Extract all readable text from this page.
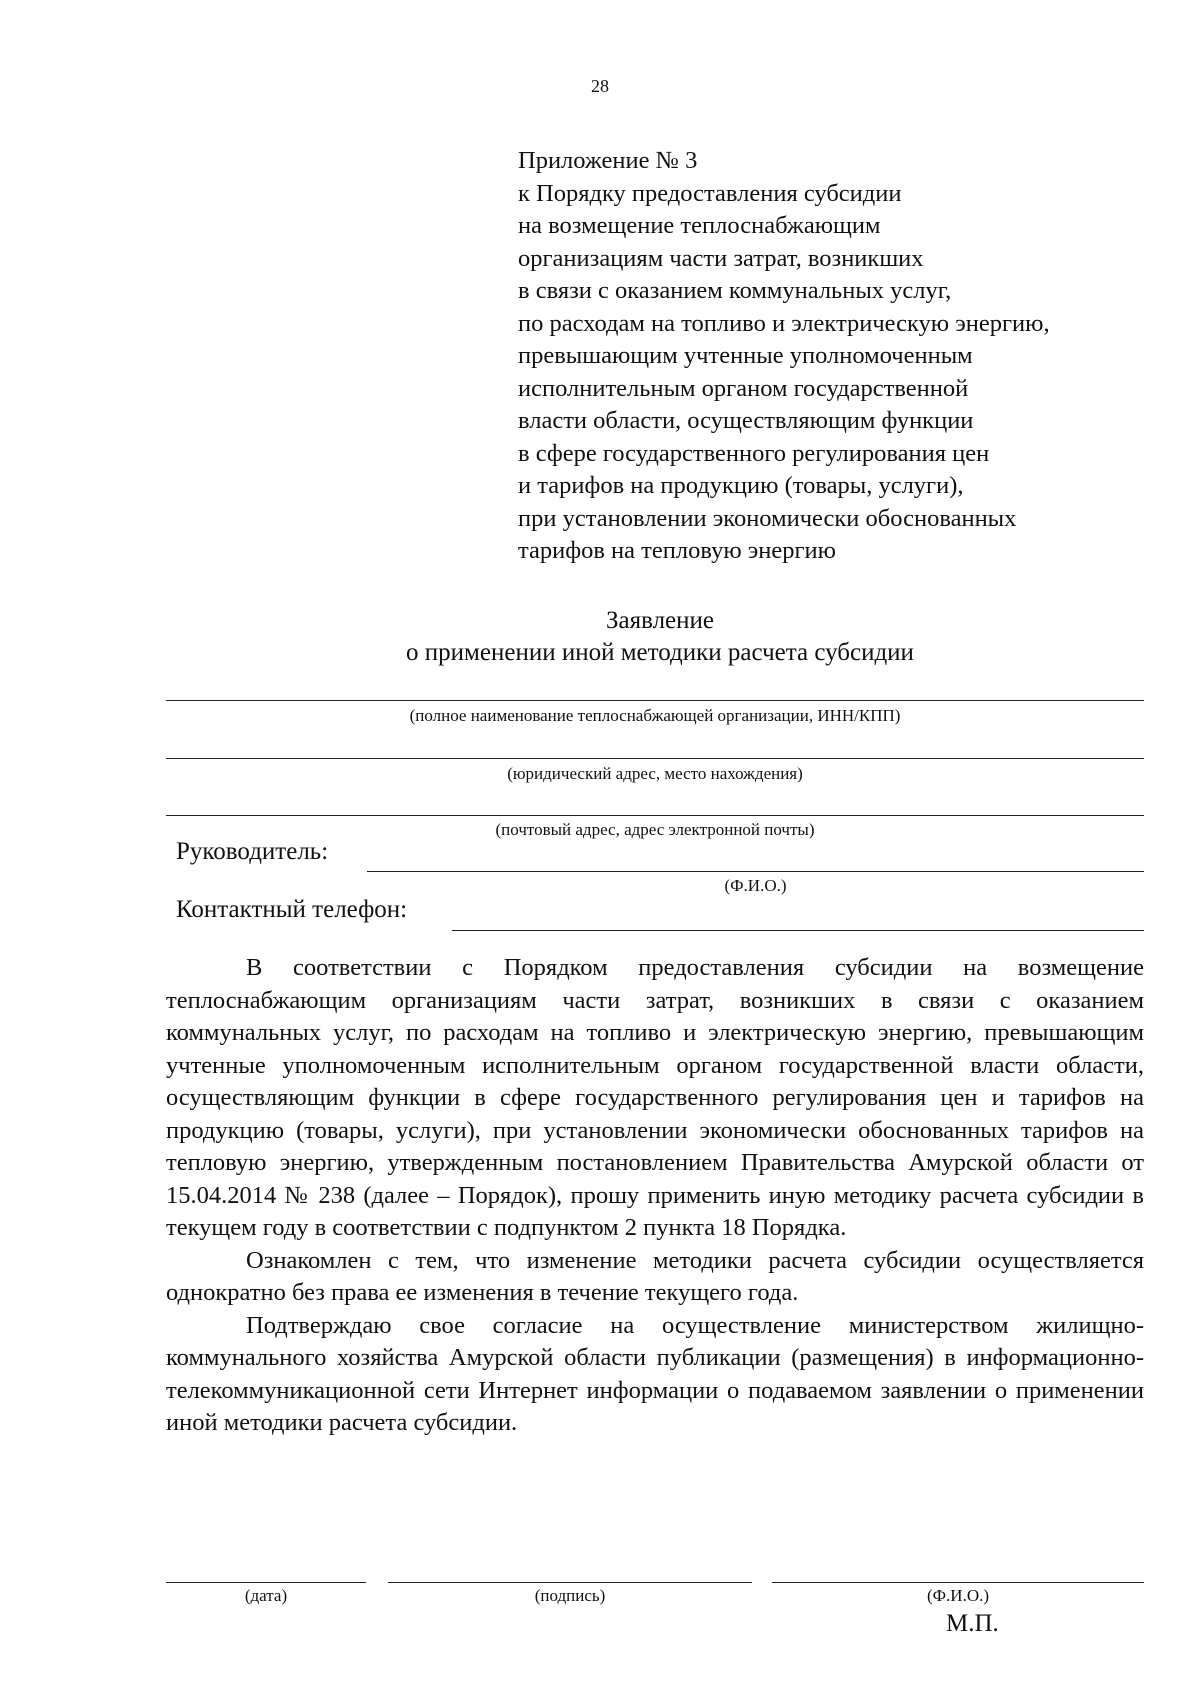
28
Приложение № 3
к Порядку предоставления субсидии
на возмещение теплоснабжающим
организациям части затрат, возникших
в связи с оказанием коммунальных услуг,
по расходам на топливо и электрическую энергию,
превышающим учтенные уполномоченным
исполнительным органом государственной
власти области, осуществляющим функции
в сфере государственного регулирования цен
и тарифов на продукцию (товары, услуги),
при установлении экономически обоснованных
тарифов на тепловую энергию
Заявление
о применении иной методики расчета субсидии
(полное наименование теплоснабжающей организации, ИНН/КПП)
(юридический адрес, место нахождения)
(почтовый адрес, адрес электронной почты)
Руководитель:
(Ф.И.О.)
Контактный телефон:

В соответствии с Порядком предоставления субсидии на возмещение теплоснабжающим организациям части затрат, возникших в связи с оказанием коммунальных услуг, по расходам на топливо и электрическую энергию, превышающим учтенные уполномоченным исполнительным органом государственной власти области, осуществляющим функции в сфере государственного регулирования цен и тарифов на продукцию (товары, услуги), при установлении экономически обоснованных тарифов на тепловую энергию, утвержденным постановлением Правительства Амурской области от 15.04.2014 № 238 (далее – Порядок), прошу применить иную методику расчета субсидии в текущем году в соответствии с подпунктом 2 пункта 18 Порядка.

Ознакомлен с тем, что изменение методики расчета субсидии осуществляется однократно без права ее изменения в течение текущего года.

Подтверждаю свое согласие на осуществление министерством жилищно-коммунального хозяйства Амурской области публикации (размещения) в информационно-телекоммуникационной сети Интернет информации о подаваемом заявлении о применении иной методики расчета субсидии.

(дата)	(подпись)	(Ф.И.О.)
М.П.
